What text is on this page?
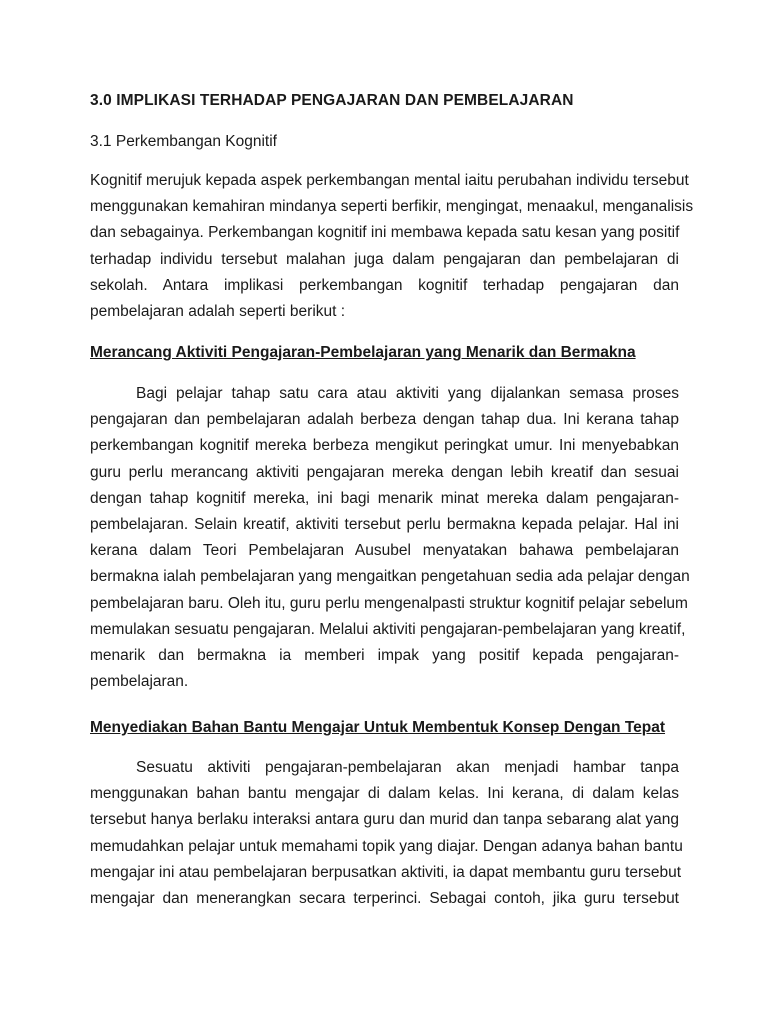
3.0 IMPLIKASI TERHADAP PENGAJARAN DAN PEMBELAJARAN
3.1 Perkembangan Kognitif
Kognitif merujuk kepada aspek perkembangan mental iaitu perubahan individu tersebut
menggunakan kemahiran mindanya seperti berfikir, mengingat, menaakul, menganalisis
dan sebagainya. Perkembangan kognitif ini membawa kepada satu kesan yang positif
terhadap individu tersebut malahan juga dalam pengajaran dan pembelajaran di
sekolah. Antara implikasi perkembangan kognitif terhadap pengajaran dan
pembelajaran adalah seperti berikut :
Merancang Aktiviti Pengajaran-Pembelajaran yang Menarik dan Bermakna
Bagi pelajar tahap satu cara atau aktiviti yang dijalankan semasa proses
pengajaran dan pembelajaran adalah berbeza dengan tahap dua. Ini kerana tahap
perkembangan kognitif mereka berbeza mengikut peringkat umur. Ini menyebabkan
guru perlu merancang aktiviti pengajaran mereka dengan lebih kreatif dan sesuai
dengan tahap kognitif mereka, ini bagi menarik minat mereka dalam pengajaran-
pembelajaran. Selain kreatif, aktiviti tersebut perlu bermakna kepada pelajar. Hal ini
kerana dalam Teori Pembelajaran Ausubel menyatakan bahawa pembelajaran
bermakna ialah pembelajaran yang mengaitkan pengetahuan sedia ada pelajar dengan
pembelajaran baru. Oleh itu, guru perlu mengenalpasti struktur kognitif pelajar sebelum
memulakan sesuatu pengajaran. Melalui aktiviti pengajaran-pembelajaran yang kreatif,
menarik dan bermakna ia memberi impak yang positif kepada pengajaran-
pembelajaran.
Menyediakan Bahan Bantu Mengajar Untuk Membentuk Konsep Dengan Tepat
Sesuatu aktiviti pengajaran-pembelajaran akan menjadi hambar tanpa
menggunakan bahan bantu mengajar di dalam kelas. Ini kerana, di dalam kelas
tersebut hanya berlaku interaksi antara guru dan murid dan tanpa sebarang alat yang
memudahkan pelajar untuk memahami topik yang diajar. Dengan adanya bahan bantu
mengajar ini atau pembelajaran berpusatkan aktiviti, ia dapat membantu guru tersebut
mengajar dan menerangkan secara terperinci. Sebagai contoh, jika guru tersebut
